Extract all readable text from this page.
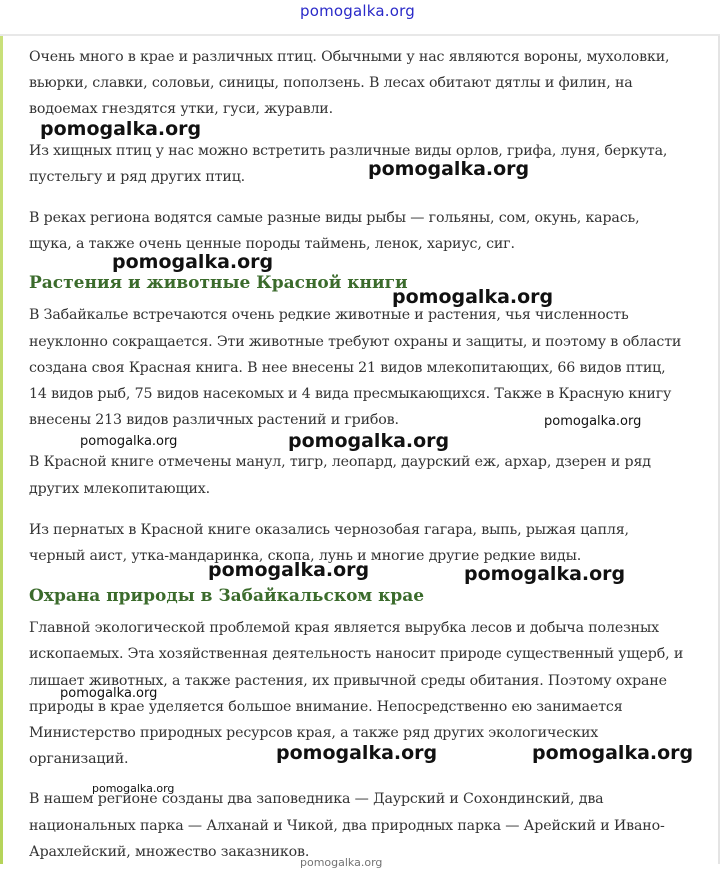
pomogalka.org

Очень много в крае и различных птиц. Обычными у нас являются вороны, мухоловки, вьюрки, славки, соловьи, синицы, поползень. В лесах обитают дятлы и филин, на водоемах гнездятся утки, гуси, журавли.

Из хищных птиц у нас можно встретить различные виды орлов, грифа, луня, беркута, пустельгу и ряд других птиц.

В реках региона водятся самые разные виды рыбы — гольяны, сом, окунь, карась, щука, а также очень ценные породы таймень, ленок, хариус, сиг.

Растения и животные Красной книги

В Забайкалье встречаются очень редкие животные и растения, чья численность неуклонно сокращается. Эти животные требуют охраны и защиты, и поэтому в области создана своя Красная книга. В нее внесены 21 видов млекопитающих, 66 видов птиц, 14 видов рыб, 75 видов насекомых и 4 вида пресмыкающихся. Также в Красную книгу внесены 213 видов различных растений и грибов.

В Красной книге отмечены манул, тигр, леопард, даурский еж, архар, дзерен и ряд других млекопитающих.

Из пернатых в Красной книге оказались чернозобая гагара, выпь, рыжая цапля, черный аист, утка-мандаринка, скопа, лунь и многие другие редкие виды.

Охрана природы в Забайкальском крае

Главной экологической проблемой края является вырубка лесов и добыча полезных ископаемых. Эта хозяйственная деятельность наносит природе существенный ущерб, и лишает животных, а также растения, их привычной среды обитания. Поэтому охране природы в крае уделяется большое внимание. Непосредственно ею занимается Министерство природных ресурсов края, а также ряд других экологических организаций.

В нашем регионе созданы два заповедника — Даурский и Сохондинский, два национальных парка — Алханай и Чикой, два природных парка — Арейский и Ивано-Арахлейский, множество заказников.

pomogalka.org
pomogalka.org
pomogalka.org
pomogalka.org
pomogalka.org
pomogalka.org	pomogalka.org
pomogalka.org	pomogalka.org
pomogalka.org
pomogalka.org	pomogalka.org
pomogalka.org
pomogalka.org
